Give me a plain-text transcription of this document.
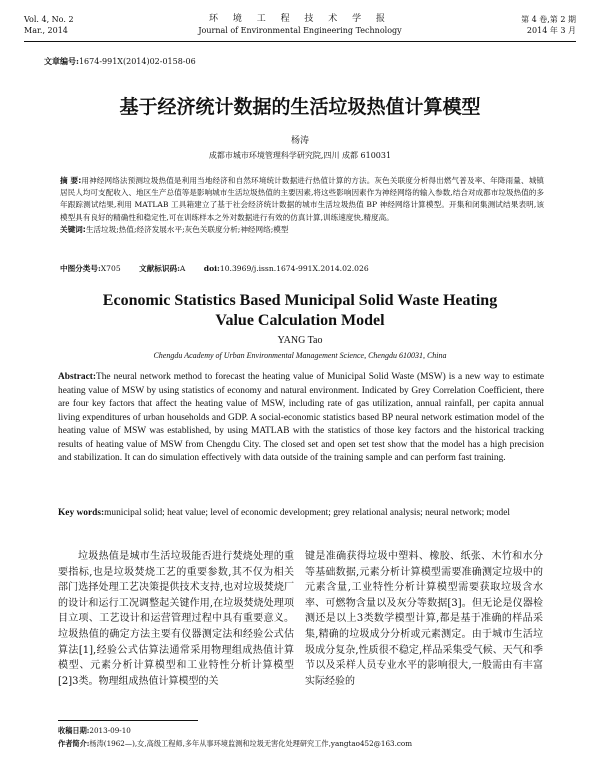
Vol. 4, No. 2
Mar., 2014
环 境 工 程 技 术 学 报
Journal of Environmental Engineering Technology
第 4 卷,第 2 期
2014 年 3 月
文章编号:1674-991X(2014)02-0158-06
基于经济统计数据的生活垃圾热值计算模型
杨涛
成都市城市环境管理科学研究院,四川 成都 610031
摘 要:用神经网络法预测垃圾热值是利用当地经济和自然环境统计数据进行热值计算的方法。灰色关联度分析得出燃气普及率、年降雨量、城镇居民人均可支配收入、地区生产总值等是影响城市生活垃圾热值的主要因素,将这些影响因素作为神经网络的输入参数,结合对成都市垃圾热值的多年跟踪测试结果,利用 MATLAB 工具箱建立了基于社会经济统计数据的城市生活垃圾热值 BP 神经网络计算模型。开集和闭集测试结果表明,该模型具有良好的精确性和稳定性,可在训练样本之外对数据进行有效的仿真计算,训练速度快,精度高。
关键词:生活垃圾;热值;经济发展水平;灰色关联度分析;神经网络;模型
中图分类号:X705 文献标识码:A doi:10.3969/j.issn.1674-991X.2014.02.026
Economic Statistics Based Municipal Solid Waste Heating
Value Calculation Model
YANG Tao
Chengdu Academy of Urban Environmental Management Science, Chengdu 610031, China
Abstract:The neural network method to forecast the heating value of Municipal Solid Waste (MSW) is a new way to estimate heating value of MSW by using statistics of economy and natural environment. Indicated by Grey Correlation Coefficient, there are four key factors that affect the heating value of MSW, including rate of gas utilization, annual rainfall, per capita annual living expenditures of urban households and GDP. A social-economic statistics based BP neural network estimation model of the heating value of MSW was established, by using MATLAB with the statistics of those key factors and the historical tracking results of heating value of MSW from Chengdu City. The closed set and open set test show that the model has a high precision and stabilization. It can do simulation effectively with data outside of the training sample and can perform fast training.
Key words:municipal solid; heat value; level of economic development; grey relational analysis; neural network; model
垃圾热值是城市生活垃圾能否进行焚烧处理的重要指标,也是垃圾焚烧工艺的重要参数,其不仅为相关部门选择处理工艺决策提供技术支持,也对垃圾焚烧厂的设计和运行工况调整起关键作用,在垃圾焚烧处理项目立项、工艺设计和运营管理过程中具有重要意义。垃圾热值的确定方法主要有仪器测定法和经验公式估算法[1],经验公式估算法通常采用物理组成热值计算模型、元素分析计算模型和工业特性分析计算模型[2]3类。物理组成热值计算模型的关
键是准确获得垃圾中塑料、橡胶、纸张、木竹和水分等基础数据,元素分析计算模型需要准确测定垃圾中的元素含量,工业特性分析计算模型需要获取垃圾含水率、可燃物含量以及灰分等数据[3]。但无论是仪器检测还是以上3类数学模型计算,都是基于准确的样品采集,精确的垃圾成分分析或元素测定。由于城市生活垃圾成分复杂,性质很不稳定,样品采集受气候、天气和季节以及采样人员专业水平的影响很大,一般需由有丰富实际经验的
收稿日期:2013-09-10
作者简介:杨涛(1962—),女,高级工程师,多年从事环境监测和垃圾无害化处理研究工作,yangtao452@163.com
